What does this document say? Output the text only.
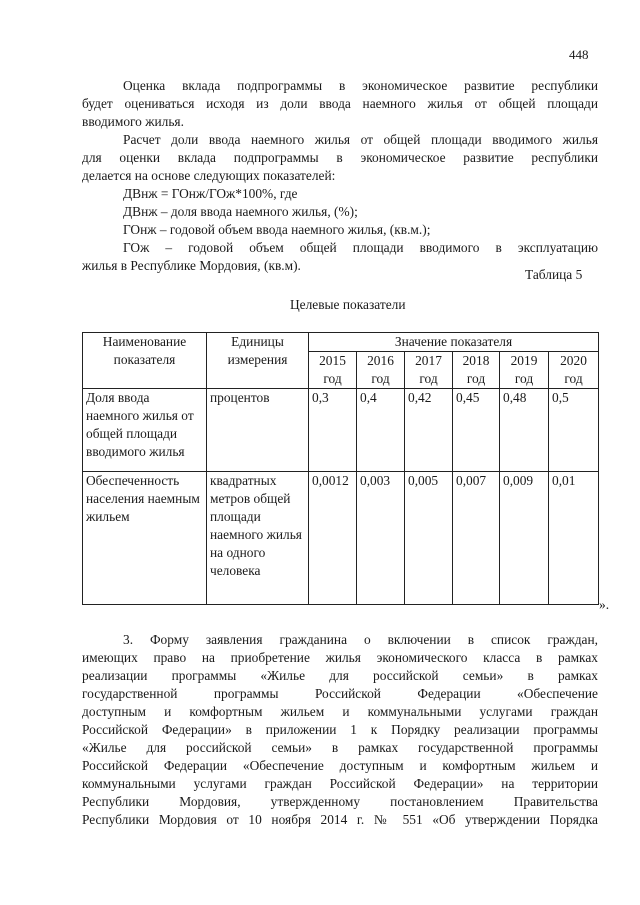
448
Оценка вклада подпрограммы в экономическое развитие республики
будет оцениваться исходя из доли ввода наемного жилья от общей площади
вводимого жилья.
Расчет доли ввода наемного жилья от общей площади вводимого жилья
для оценки вклада подпрограммы в экономическое развитие республики
делается на основе следующих показателей:
ДВнж = ГОнж/ГОж*100%, где
ДВнж – доля ввода наемного жилья, (%);
ГОнж – годовой объем ввода наемного жилья, (кв.м.);
ГОж – годовой объем общей площади вводимого в эксплуатацию
жилья в Республике Мордовия, (кв.м).
Таблица 5
Целевые показатели
Наименование показателя	Единицы измерения	Значение показателя					
		2015 год	2016 год	2017 год	2018 год	2019 год	2020 год
Доля ввода наемного жилья от общей площади вводимого жилья	процентов	0,3	0,4	0,42	0,45	0,48	0,5
Обеспеченность населения наемным жильем	квадратных метров общей площади наемного жилья на одного человека	0,0012	0,003	0,005	0,007	0,009	0,01
».
3. Форму заявления гражданина о включении в список граждан,
имеющих право на приобретение жилья экономического класса в рамках
реализации программы «Жилье для российской семьи» в рамках
государственной программы Российской Федерации «Обеспечение
доступным и комфортным жильем и коммунальными услугами граждан
Российской Федерации» в приложении 1 к Порядку реализации программы
«Жилье для российской семьи» в рамках государственной программы
Российской Федерации «Обеспечение доступным и комфортным жильем и
коммунальными услугами граждан Российской Федерации» на территории
Республики Мордовия, утвержденному постановлением Правительства
Республики Мордовия от 10 ноября 2014 г. № 551 «Об утверждении Порядка
